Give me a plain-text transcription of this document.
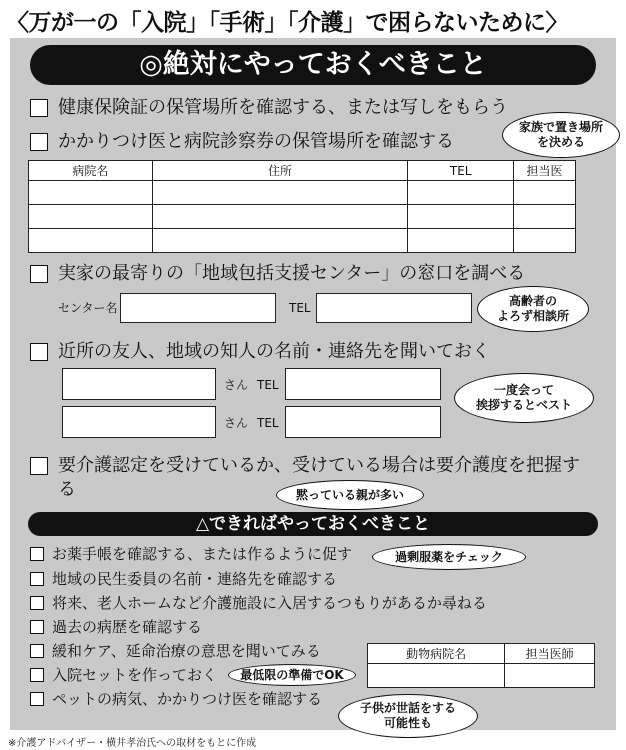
〈万が一の「入院」「手術」「介護」で困らないために〉
◎絶対にやっておくべきこと
健康保険証の保管場所を確認する、または写しをもらう
かかりつけ医と病院診察券の保管場所を確認する
病院名	住所	TEL	担当医

実家の最寄りの「地域包括支援センター」の窓口を調べる
センター名	TEL
近所の友人、地域の知人の名前・連絡先を聞いておく
さん TEL
さん TEL
要介護認定を受けているか、受けている場合は要介護度を把握する
家族で置き場所
を決める
高齢者の
よろず相談所
一度会って
挨拶するとベスト
黙っている親が多い
△できればやっておくべきこと
お薬手帳を確認する、または作るように促す
地域の民生委員の名前・連絡先を確認する
将来、老人ホームなど介護施設に入居するつもりがあるか尋ねる
過去の病歴を確認する
緩和ケア、延命治療の意思を聞いてみる
入院セットを作っておく
ペットの病気、かかりつけ医を確認する
動物病院名	担当医師

過剰服薬をチェック
最低限の準備でOK
子供が世話をする
可能性も
※介護アドバイザー・横井孝治氏への取材をもとに作成
